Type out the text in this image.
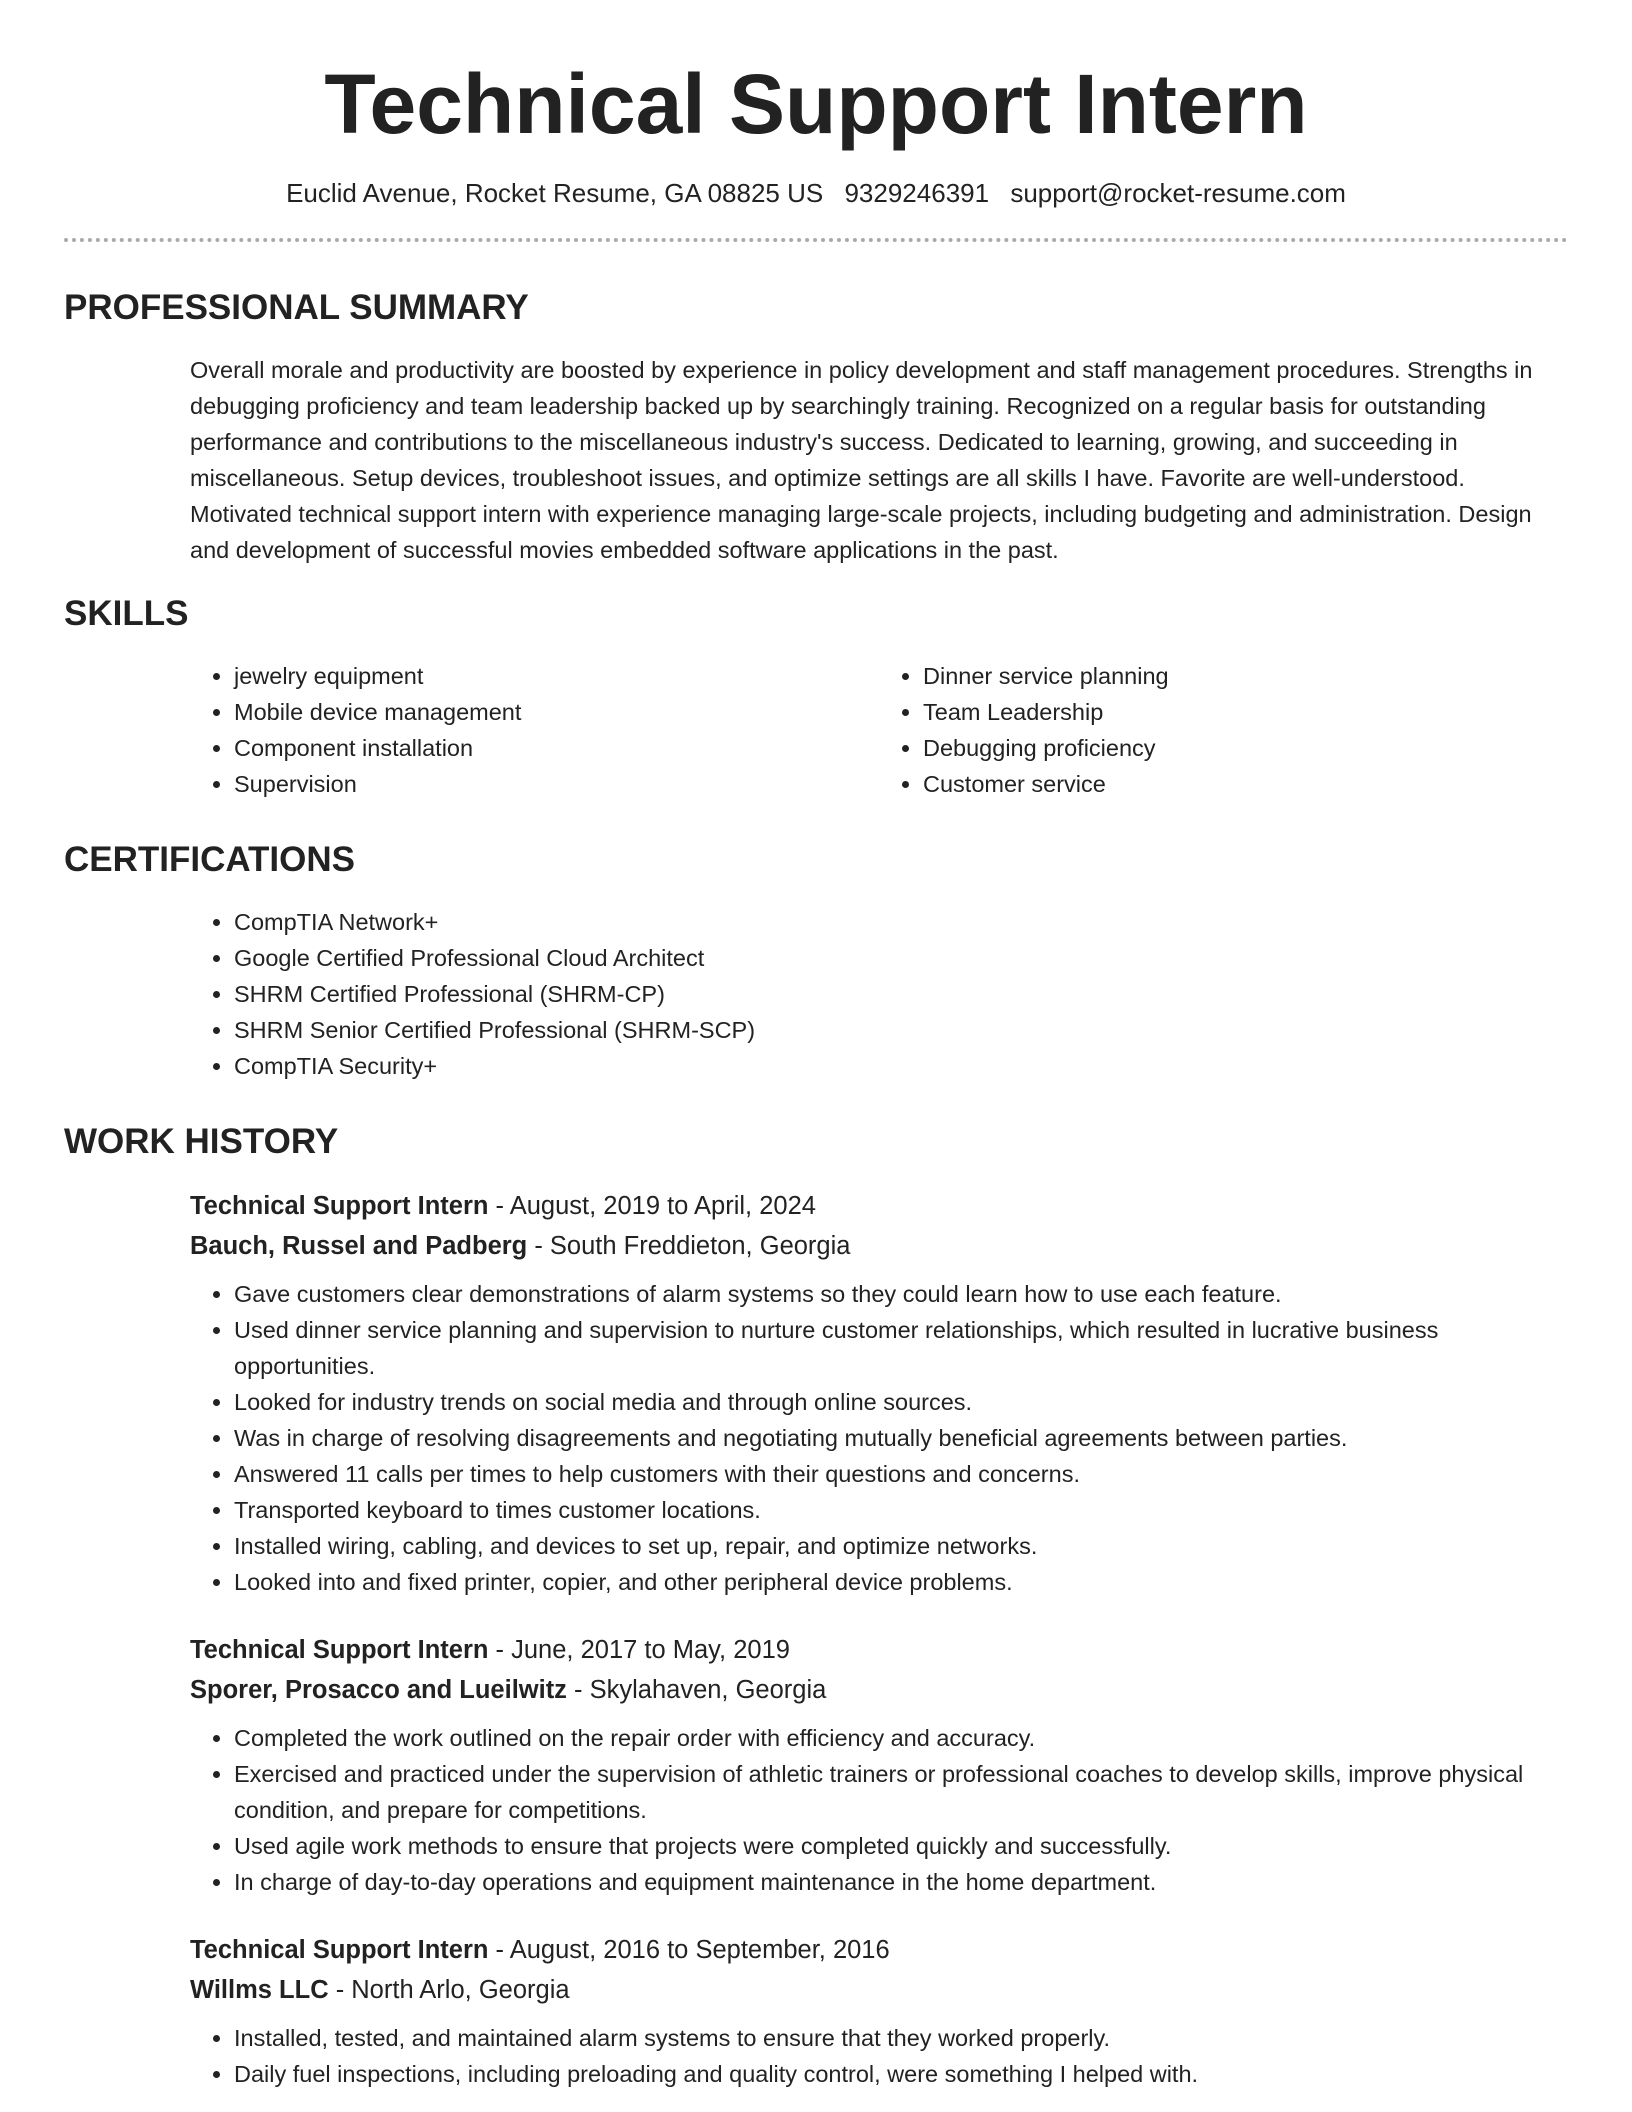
Technical Support Intern
Euclid Avenue, Rocket Resume, GA 08825 US 9329246391 support@rocket-resume.com
PROFESSIONAL SUMMARY
Overall morale and productivity are boosted by experience in policy development and staff management procedures. Strengths in debugging proficiency and team leadership backed up by searchingly training. Recognized on a regular basis for outstanding performance and contributions to the miscellaneous industry's success. Dedicated to learning, growing, and succeeding in miscellaneous. Setup devices, troubleshoot issues, and optimize settings are all skills I have. Favorite are well-understood. Motivated technical support intern with experience managing large-scale projects, including budgeting and administration. Design and development of successful movies embedded software applications in the past.
SKILLS
• jewelry equipment
• Mobile device management
• Component installation
• Supervision
• Dinner service planning
• Team Leadership
• Debugging proficiency
• Customer service
CERTIFICATIONS
• CompTIA Network+
• Google Certified Professional Cloud Architect
• SHRM Certified Professional (SHRM-CP)
• SHRM Senior Certified Professional (SHRM-SCP)
• CompTIA Security+
WORK HISTORY
Technical Support Intern - August, 2019 to April, 2024
Bauch, Russel and Padberg - South Freddieton, Georgia
• Gave customers clear demonstrations of alarm systems so they could learn how to use each feature.
• Used dinner service planning and supervision to nurture customer relationships, which resulted in lucrative business opportunities.
• Looked for industry trends on social media and through online sources.
• Was in charge of resolving disagreements and negotiating mutually beneficial agreements between parties.
• Answered 11 calls per times to help customers with their questions and concerns.
• Transported keyboard to times customer locations.
• Installed wiring, cabling, and devices to set up, repair, and optimize networks.
• Looked into and fixed printer, copier, and other peripheral device problems.
Technical Support Intern - June, 2017 to May, 2019
Sporer, Prosacco and Lueilwitz - Skylahaven, Georgia
• Completed the work outlined on the repair order with efficiency and accuracy.
• Exercised and practiced under the supervision of athletic trainers or professional coaches to develop skills, improve physical condition, and prepare for competitions.
• Used agile work methods to ensure that projects were completed quickly and successfully.
• In charge of day-to-day operations and equipment maintenance in the home department.
Technical Support Intern - August, 2016 to September, 2016
Willms LLC - North Arlo, Georgia
• Installed, tested, and maintained alarm systems to ensure that they worked properly.
• Daily fuel inspections, including preloading and quality control, were something I helped with.
